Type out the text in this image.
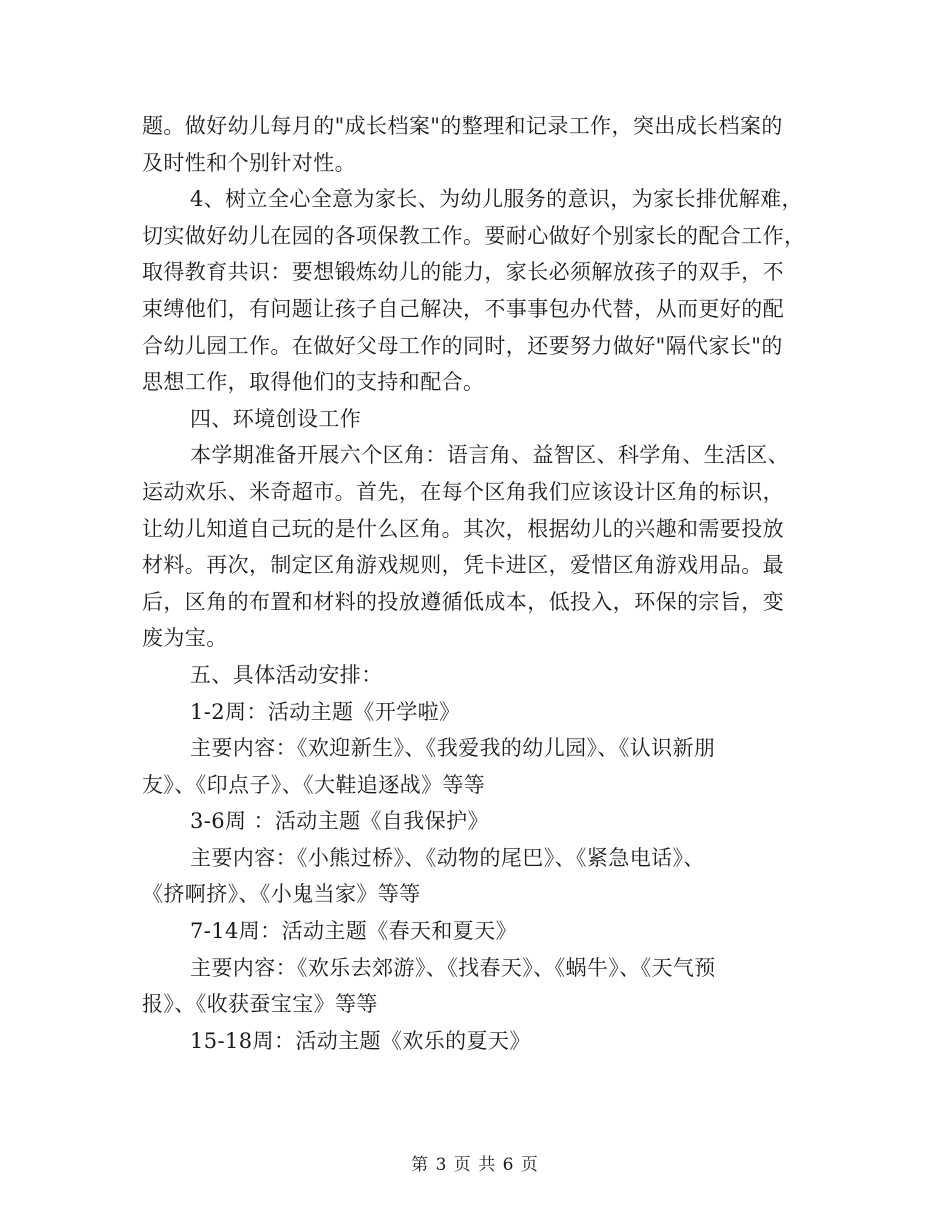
题。做好幼儿每月的"成长档案"的整理和记录工作，突出成长档案的
及时性和个别针对性。
4、树立全心全意为家长、为幼儿服务的意识，为家长排优解难，
切实做好幼儿在园的各项保教工作。要耐心做好个别家长的配合工作，
取得教育共识：要想锻炼幼儿的能力，家长必须解放孩子的双手，不
束缚他们，有问题让孩子自己解决，不事事包办代替，从而更好的配
合幼儿园工作。在做好父母工作的同时，还要努力做好"隔代家长"的
思想工作，取得他们的支持和配合。
四、环境创设工作
本学期准备开展六个区角：语言角、益智区、科学角、生活区、
运动欢乐、米奇超市。首先，在每个区角我们应该设计区角的标识，
让幼儿知道自己玩的是什么区角。其次，根据幼儿的兴趣和需要投放
材料。再次，制定区角游戏规则，凭卡进区，爱惜区角游戏用品。最
后，区角的布置和材料的投放遵循低成本，低投入，环保的宗旨，变
废为宝。
五、具体活动安排：
1-2周：活动主题《开学啦》
主要内容：《欢迎新生》、《我爱我的幼儿园》、《认识新朋
友》、《印点子》、《大鞋追逐战》等等
3-6周 ：活动主题《自我保护》
主要内容：《小熊过桥》、《动物的尾巴》、《紧急电话》、
《挤啊挤》、《小鬼当家》等等
7-14周：活动主题《春天和夏天》
主要内容：《欢乐去郊游》、《找春天》、《蜗牛》、《天气预
报》、《收获蚕宝宝》等等
15-18周：活动主题《欢乐的夏天》
第 3 页 共 6 页
